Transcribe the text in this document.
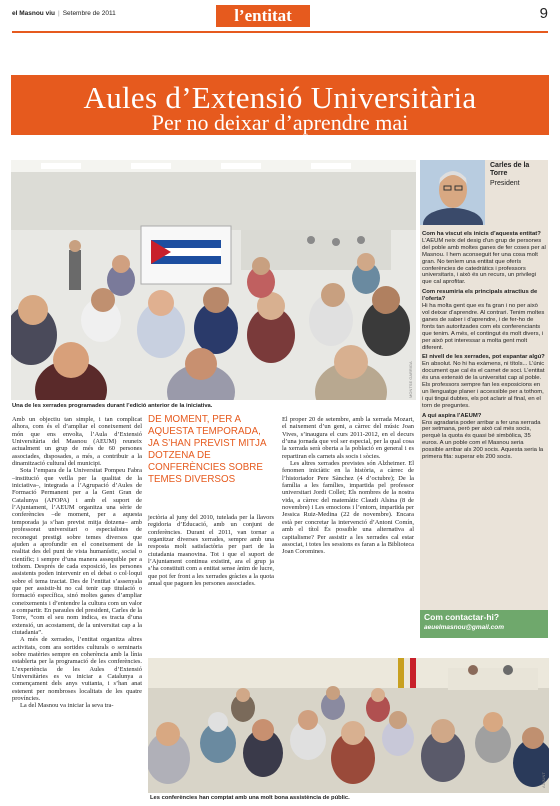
el Masnou viu | Setembre de 2011	l’entitat	9
Aules d’Extensió Universitària
Per no deixar d’aprendre mai
Una de les xerrades programades durant l’edició anterior de la iniciativa.
MONTSE GARRIGA

Amb un objectiu tan simple, i tan complicat alhora, com és el d’ampliar el coneixement del món que ens envolta, l’Aula d’Extensió Universitària del Masnou (AEUM) reuneix actualment un grup de més de 60 persones associades, disposades, a més, a contribuir a la dinamització cultural del municipi.

Sota l’empara de la Universitat Pompeu Fabra –institució que vetlla per la qualitat de la iniciativa–, integrada a l’Agrupació d’Aules de Formació Permanent per a la Gent Gran de Catalunya (AFOPA) i amb el suport de l’Ajuntament, l’AEUM organitza una sèrie de conferències –de moment, per a aquesta temporada ja s’han previst mitja dotzena– amb professorat universitari o especialistes de reconegut prestigi sobre temes diversos que ajuden a aprofundir en el coneixement de la realitat des del punt de vista humanístic, social o científic; i sempre d’una manera assequible per a tothom. Després de cada exposició, les persones assistents poden intervenir en el debat o col·loqui sobre el tema tractat. Des de l’entitat s’assenyala que per assistir-hi no cal tenir cap titulació o formació específica, sinó moltes ganes d’ampliar coneixements i d’entendre la cultura com un valor a compartir. En paraules del president, Carles de la Torre, “com el seu nom indica, es tracta d’una extensió, un acostament, de la universitat cap a la ciutadania”.

A més de xerrades, l’entitat organitza altres activitats, com ara sortides culturals o seminaris sobre matèries sempre en coherència amb la línia establerta per la programació de les conferències. L’experiència de les Aules d’Extensió Universitàries es va iniciar a Catalunya a començament dels anys vuitanta, i s’han anat estenent per nombroses localitats de les quatre províncies.

La del Masnou va iniciar la seva tra-

DE MOMENT, PER A AQUESTA TEMPORADA, JA S’HAN PREVIST MITJA DOTZENA DE CONFERÈNCIES SOBRE TEMES DIVERSOS

jectòria al juny del 2010, tutelada per la llavors regidoria d’Educació, amb un conjunt de conferències. Durant el 2011, van tornar a organitzar diverses xerrades, sempre amb una resposta molt satisfactòria per part de la ciutadania masnovina. Tot i que el suport de l’Ajuntament continua existint, ara el grup ja s’ha constituït com a entitat sense ànim de lucre, que pot fer front a les xerrades gràcies a la quota anual que paguen les persones associades.

El proper 20 de setembre, amb la xerrada Mozart, el naixement d’un geni, a càrrec del músic Joan Vives, s’inaugura el curs 2011-2012, en el decurs d’una jornada que vol ser especial, per la qual cosa la xerrada serà oberta a la població en general i es repartiran els carnets als socis i sòcies.

Les altres xerrades previstes són Alzheimer. El fenomen iniciàtic en la història, a càrrec de l’historiador Pere Sànchez (4 d’octubre); De la família a les famílies, impartida pel professor universitari Jordi Collet; Els nombres de la nostra vida, a càrrec del matemàtic Claudi Alsina (8 de novembre) i Les emocions i l’entorn, impartida per Jessica Ruiz-Medina (22 de novembre). Encara està per concretar la intervenció d’Antoni Comín, amb el títol És possible una alternativa al capitalisme? Per assistir a les xerrades cal estar associat, i totes les sessions es faran a la Biblioteca Joan Coromines.

Carles de la Torre
President
Com ha viscut els inicis d’aquesta entitat?
L’AEUM neix del desig d’un grup de persones del poble amb moltes ganes de fer coses per al Masnou. I hem aconseguit fer una cosa molt gran. No teníem una entitat que oferís conferències de catedràtics i professors universitaris, i això és un recurs, un privilegi que cal aprofitar.
Com resumiria els principals atractius de l’oferta?
Hi ha molta gent que es fa gran i no per això vol deixar d’aprendre. Al contrari. Tenim moltes ganes de saber i d’aprendre, i de fer-ho de fonts tan autoritzades com els conferenciants que tenim. A més, el contingut és molt divers, i per això pot interessar a molta gent molt diferent.
El nivell de les xerrades, pot espantar algú?
En absolut. No hi ha exàmens, ni títols... L’únic document que cal és el carnet de soci. L’entitat és una extensió de la universitat cap al poble. Els professors sempre fan les exposicions en un llenguatge planer i accessible per a tothom, i qui tingui dubtes, els pot aclarir al final, en el torn de preguntes.
A qui aspira l’AEUM?
Ens agradaria poder arribar a fer una xerrada per setmana, però per això cal més socis, perquè la quota és quasi bé simbòlica, 35 euros. A un poble com el Masnou seria possible arribar als 200 socis. Aquesta seria la primera fita: superar els 200 socis.
Com contactar-hi?
aeuelmasnou@gmail.com
Les conferències han comptat amb una molt bona assistència de públic.
ADJUNT
